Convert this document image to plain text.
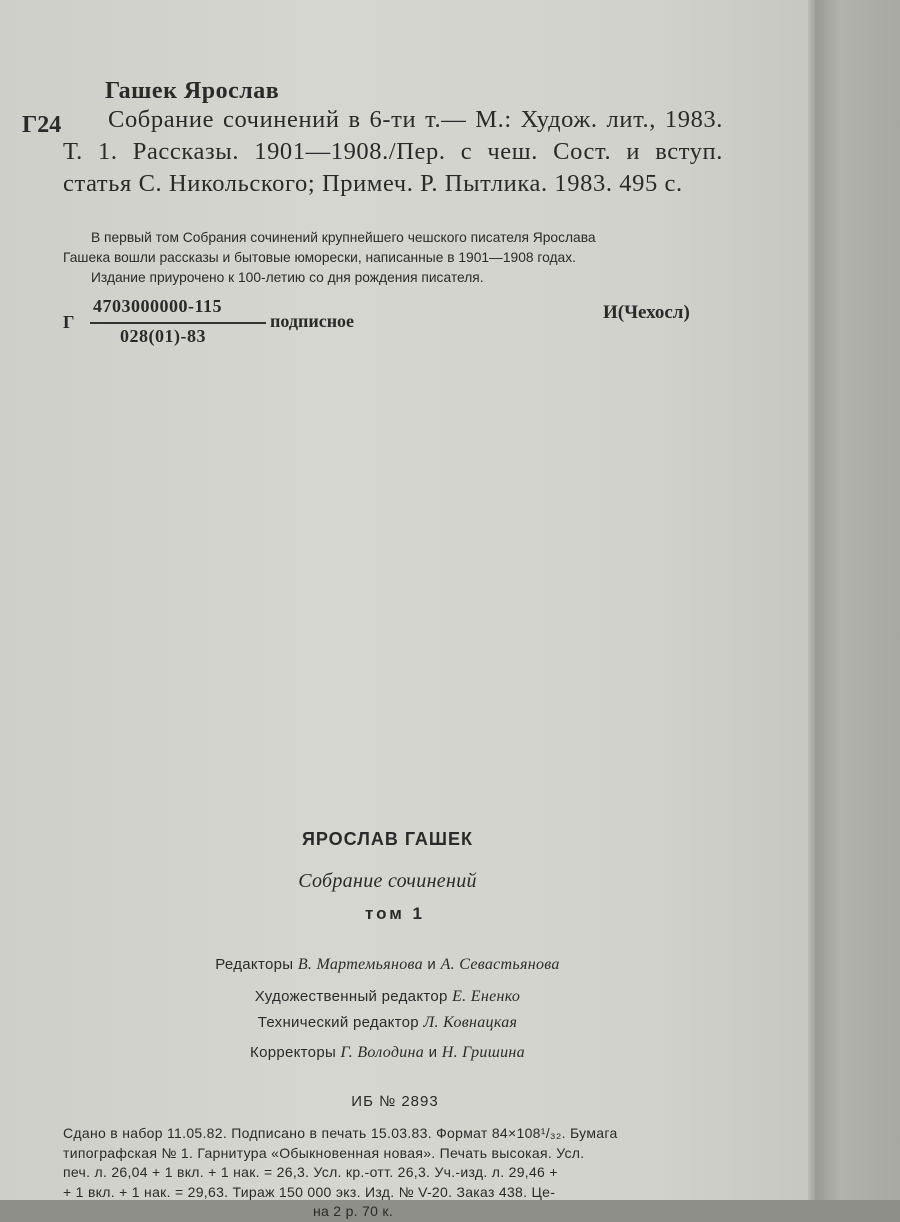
Гашек Ярослав
Г24	Собрание сочинений в 6-ти т.— М.: Худож. лит., 1983. Т. 1. Рассказы. 1901—1908./Пер. с чеш. Сост. и вступ. статья С. Никольского; Примеч. Р. Пытлика. 1983. 495 с.
В первый том Собрания сочинений крупнейшего чешского писателя Ярослава
Гашека вошли рассказы и бытовые юморески, написанные в 1901—1908 годах.
Издание приурочено к 100-летию со дня рождения писателя.
Г
4703000000-115
028(01)-83
подписное	И(Чехосл)
ЯРОСЛАВ ГАШЕК
Собрание сочинений
том 1
Редакторы В. Мартемьянова и А. Севастьянова
Художественный редактор Е. Ененко
Технический редактор Л. Ковнацкая
Корректоры Г. Володина и Н. Гришина
ИБ № 2893
Сдано в набор 11.05.82. Подписано в печать 15.03.83. Формат 84×108¹/₃₂. Бумага
типографская № 1. Гарнитура «Обыкновенная новая». Печать высокая. Усл.
печ. л. 26,04 + 1 вкл. + 1 нак. = 26,3. Усл. кр.-отт. 26,3. Уч.-изд. л. 29,46 +
+ 1 вкл. + 1 нак. = 29,63. Тираж 150 000 экз. Изд. № V-20. Заказ 438. Це-
на 2 р. 70 к.
